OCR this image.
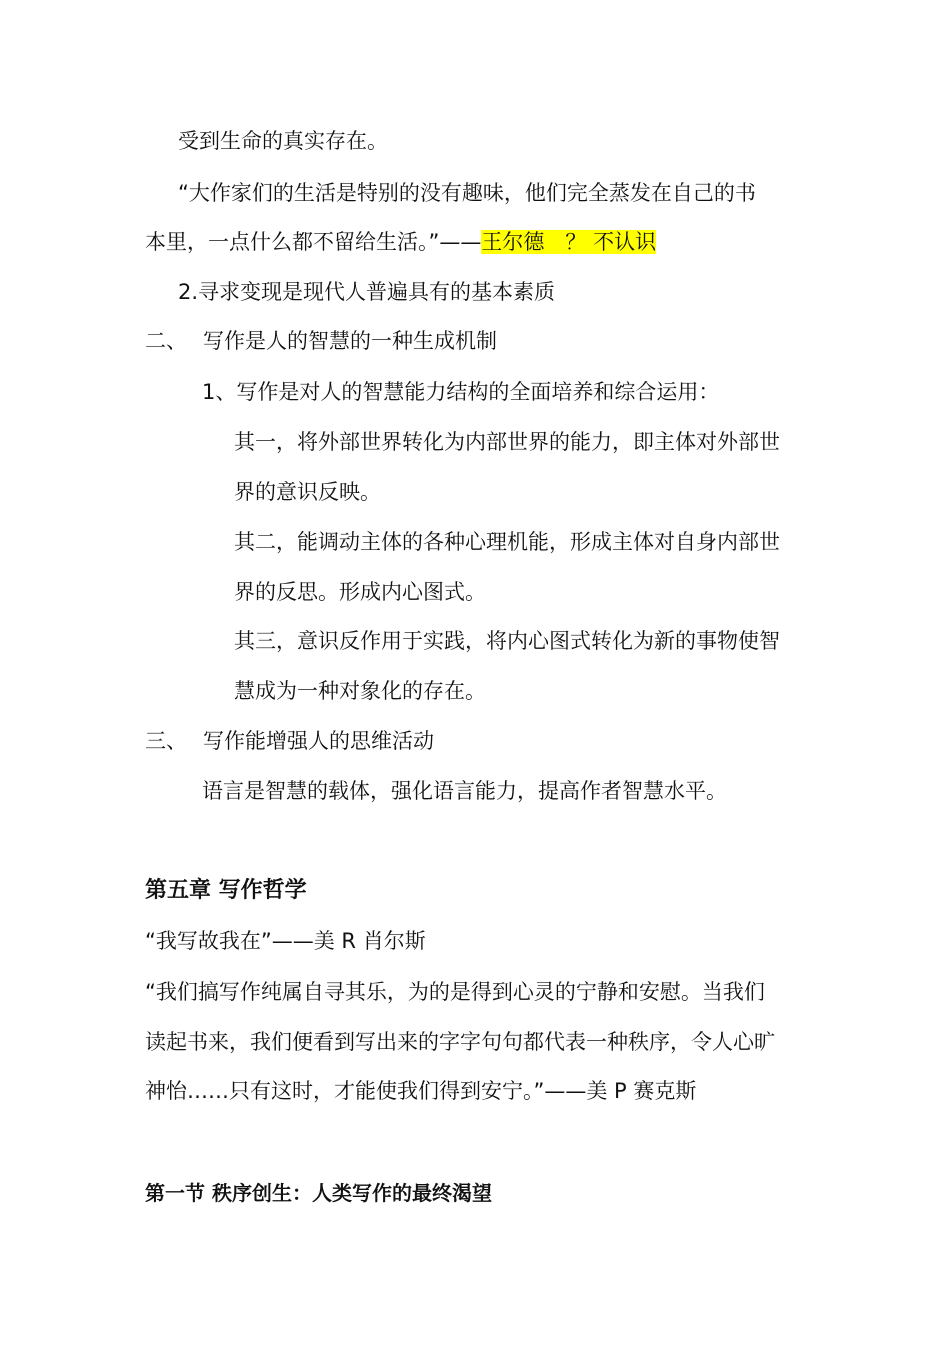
受到生命的真实存在。
“大作家们的生活是特别的没有趣味，他们完全蒸发在自己的书
本里，一点什么都不留给生活。”——王尔德　？ 不认识
2.寻求变现是现代人普遍具有的基本素质
二、 写作是人的智慧的一种生成机制
1、写作是对人的智慧能力结构的全面培养和综合运用：
其一，将外部世界转化为内部世界的能力，即主体对外部世
界的意识反映。
其二，能调动主体的各种心理机能，形成主体对自身内部世
界的反思。形成内心图式。
其三，意识反作用于实践，将内心图式转化为新的事物使智
慧成为一种对象化的存在。
三、 写作能增强人的思维活动
语言是智慧的载体，强化语言能力，提高作者智慧水平。
第五章 写作哲学
“我写故我在”——美 R 肖尔斯
“我们搞写作纯属自寻其乐，为的是得到心灵的宁静和安慰。当我们
读起书来，我们便看到写出来的字字句句都代表一种秩序，令人心旷
神怡……只有这时，才能使我们得到安宁。”——美 P 赛克斯
第一节 秩序创生：人类写作的最终渴望
